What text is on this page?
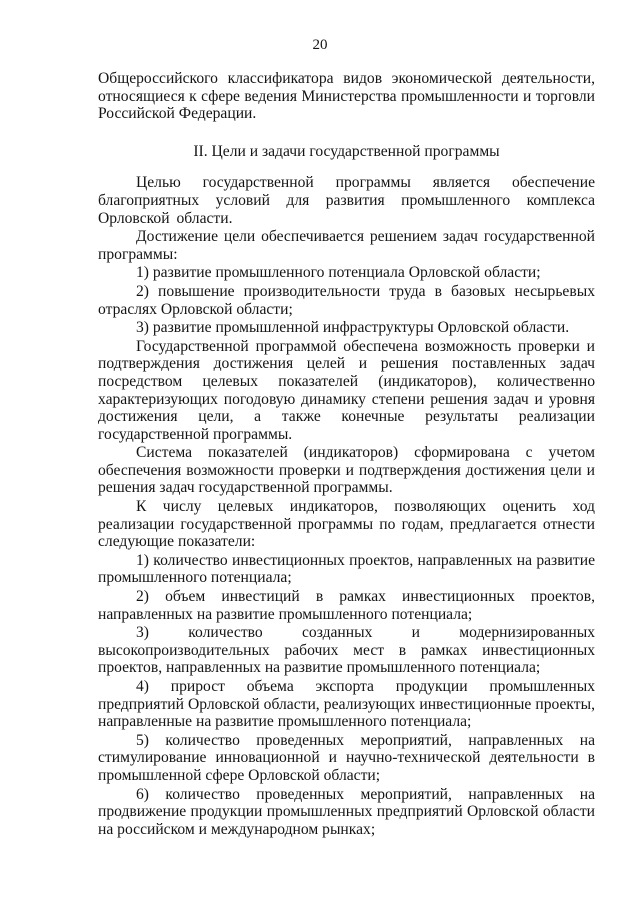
20

Общероссийского классификатора видов экономической деятельности, относящиеся к сфере ведения Министерства промышленности и торговли Российской Федерации.

II. Цели и задачи государственной программы

Целью государственной программы является обеспечение благоприятных условий для развития промышленного комплекса Орловской области.

Достижение цели обеспечивается решением задач государственной программы:

1) развитие промышленного потенциала Орловской области;

2) повышение производительности труда в базовых несырьевых отраслях Орловской области;

3) развитие промышленной инфраструктуры Орловской области.

Государственной программой обеспечена возможность проверки и подтверждения достижения целей и решения поставленных задач посредством целевых показателей (индикаторов), количественно характеризующих погодовую динамику степени решения задач и уровня достижения цели, а также конечные результаты реализации государственной программы.

Система показателей (индикаторов) сформирована с учетом обеспечения возможности проверки и подтверждения достижения цели и решения задач государственной программы.

К числу целевых индикаторов, позволяющих оценить ход реализации государственной программы по годам, предлагается отнести следующие показатели:

1) количество инвестиционных проектов, направленных на развитие промышленного потенциала;

2) объем инвестиций в рамках инвестиционных проектов, направленных на развитие промышленного потенциала;

3) количество созданных и модернизированных высокопроизводительных рабочих мест в рамках инвестиционных проектов, направленных на развитие промышленного потенциала;

4) прирост объема экспорта продукции промышленных предприятий Орловской области, реализующих инвестиционные проекты, направленные на развитие промышленного потенциала;

5) количество проведенных мероприятий, направленных на стимулирование инновационной и научно-технической деятельности в промышленной сфере Орловской области;

6) количество проведенных мероприятий, направленных на продвижение продукции промышленных предприятий Орловской области на российском и международном рынках;
